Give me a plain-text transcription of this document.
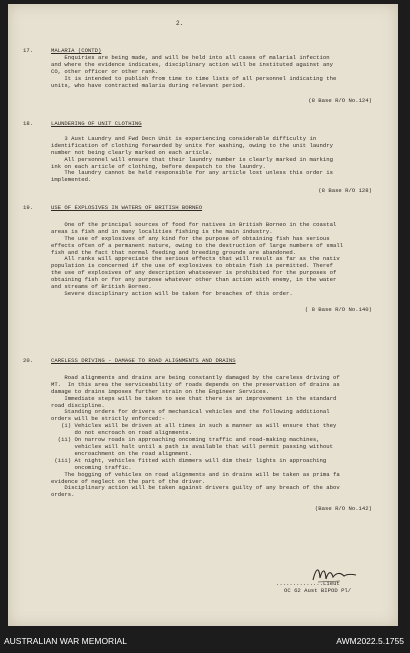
2.
17.	MALARIA (CONTD)
Enquiries are being made, and will be held into all cases of malarial infection
and where the evidence indicates, disciplinary action will be instituted against any
CO, other officer or other rank.
It is intended to publish from time to time lists of all personnel indicating the
units, who have contracted malaria during relevant period.
(8 Base R/O No.124)
18.	LAUNDERING OF UNIT CLOTHING
3 Aust Laundry and Fwd Decn Unit is experiencing considerable difficulty in
identification of clothing forwarded by units for washing, owing to the unit laundry
number not being clearly marked on each article.
All personnel will ensure that their laundry number is clearly marked in marking
ink on each article of clothing, before despatch to the laundry.
The laundry cannot be held responsible for any article lost unless this order is
implemented.
(8 Base R/O 128)
19.	USE OF EXPLOSIVES IN WATERS OF BRITISH BORNEO
One of the principal sources of food for natives in British Borneo in the coastal
areas is fish and in many localities fishing is the main industry.
The use of explosives of any kind for the purpose of obtaining fish has serious
effects often of a permanent nature, owing to the destruction of large numbers of small
fish and the fact that normal feeding and breeding grounds are abandoned.
All ranks will appreciate the serious effects that will result as far as the nativ
population is concerned if the use of explosives to obtain fish is permitted. Theref
the use of explosives of any description whatsoever is prohibited for the purposes of
obtaining fish or for any purpose whatever other than action with enemy, in the water
and streams of British Borneo.
Severe disciplinary action will be taken for breaches of this order.
( 8 Base R/O No.140)
20.	CARELESS DRIVING - DAMAGE TO ROAD ALIGNMENTS AND DRAINS
Road alignments and drains are being constantly damaged by the careless driving of
MT.  In this area the serviceability of roads depends on the preservation of drains as
damage to drains imposes further strain on the Engineer Services.
Immediate steps will be taken to see that there is an improvement in the standard
road discipline.
Standing orders for drivers of mechanical vehicles and the following additional
orders will be strictly enforced:-
(i) Vehicles will be driven at all times in such a manner as will ensure that they
do not encroach on road alignments.
(ii) On narrow roads in approaching oncoming traffic and road-making machines,
vehicles will halt until a path is available that will permit passing without
encroachment on the road alignment.
(iii) At night, vehicles fitted with dimmers will dim their lights in approaching
oncoming traffic.
The bogging of vehicles on road alignments and in drains will be taken as prima fa
evidence of neglect on the part of the driver.
Disciplinary action will be taken against drivers guilty of any breach of the abov
orders.
(Base R/O No.142)
..............Lieut
OC 62 Aust BIPOD Pl/
AUSTRALIAN WAR MEMORIAL	AWM2022.5.1755
